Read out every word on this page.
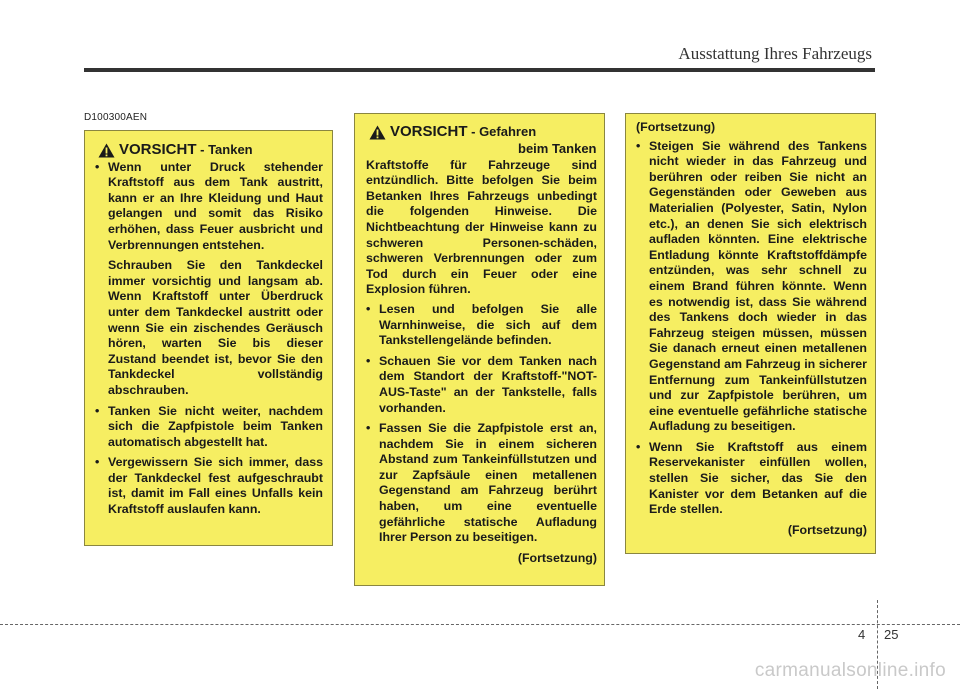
Ausstattung Ihres Fahrzeugs
D100300AEN
VORSICHT - Tanken
• Wenn unter Druck stehender Kraftstoff aus dem Tank austritt, kann er an Ihre Kleidung und Haut gelangen und somit das Risiko erhöhen, dass Feuer ausbricht und Verbrennungen entstehen.
Schrauben Sie den Tankdeckel immer vorsichtig und langsam ab. Wenn Kraftstoff unter Überdruck unter dem Tankdeckel austritt oder wenn Sie ein zischendes Geräusch hören, warten Sie bis dieser Zustand beendet ist, bevor Sie den Tankdeckel vollständig abschrauben.
• Tanken Sie nicht weiter, nachdem sich die Zapfpistole beim Tanken automatisch abgestellt hat.
• Vergewissern Sie sich immer, dass der Tankdeckel fest aufgeschraubt ist, damit im Fall eines Unfalls kein Kraftstoff auslaufen kann.
VORSICHT - Gefahren
beim Tanken

Kraftstoffe für Fahrzeuge sind entzündlich. Bitte befolgen Sie beim Betanken Ihres Fahrzeugs unbedingt die folgenden Hinweise. Die Nichtbeachtung der Hinweise kann zu schweren Personen-schäden, schweren Verbrennungen oder zum Tod durch ein Feuer oder eine Explosion führen.

• Lesen und befolgen Sie alle Warnhinweise, die sich auf dem Tankstellengelände befinden.
• Schauen Sie vor dem Tanken nach dem Standort der Kraftstoff-"NOT-AUS-Taste" an der Tankstelle, falls vorhanden.
• Fassen Sie die Zapfpistole erst an, nachdem Sie in einem sicheren Abstand zum Tankeinfüllstutzen und zur Zapfsäule einen metallenen Gegenstand am Fahrzeug berührt haben, um eine eventuelle gefährliche statische Aufladung Ihrer Person zu beseitigen.
(Fortsetzung)
(Fortsetzung)
• Steigen Sie während des Tankens nicht wieder in das Fahrzeug und berühren oder reiben Sie nicht an Gegenständen oder Geweben aus Materialien (Polyester, Satin, Nylon etc.), an denen Sie sich elektrisch aufladen könnten. Eine elektrische Entladung könnte Kraftstoffdämpfe entzünden, was sehr schnell zu einem Brand führen könnte. Wenn es notwendig ist, dass Sie während des Tankens doch wieder in das Fahrzeug steigen müssen, müssen Sie danach erneut einen metallenen Gegenstand am Fahrzeug in sicherer Entfernung zum Tankeinfüllstutzen und zur Zapfpistole berühren, um eine eventuelle gefährliche statische Aufladung zu beseitigen.
• Wenn Sie Kraftstoff aus einem Reservekanister einfüllen wollen, stellen Sie sicher, das Sie den Kanister vor dem Betanken auf die Erde stellen.
(Fortsetzung)
4 25
carmanualsonline.info
